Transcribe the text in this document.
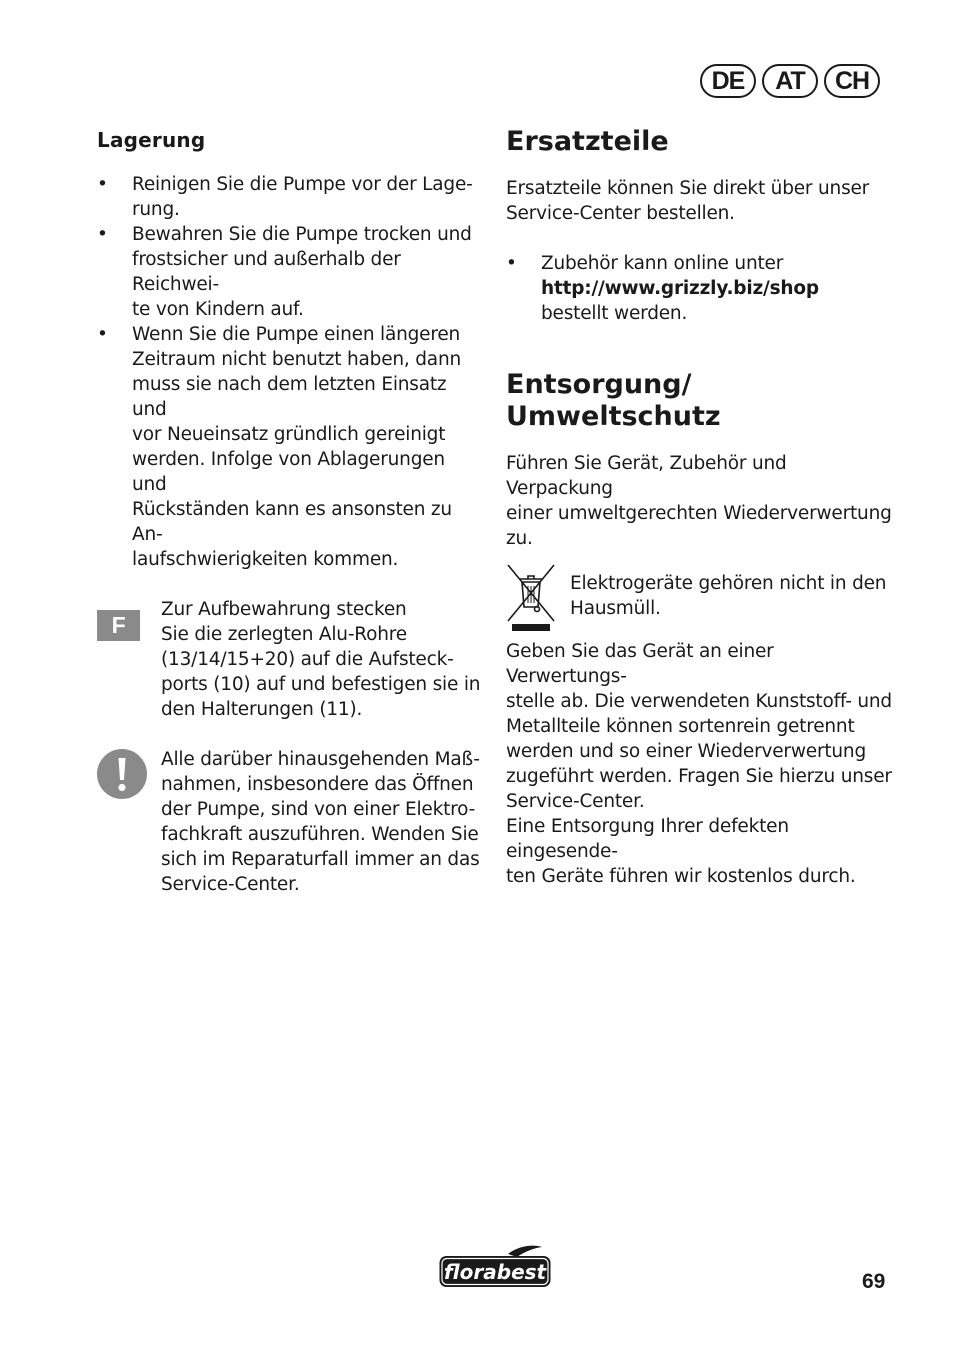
DE	AT	CH
Lagerung
• Reinigen Sie die Pumpe vor der Lage-
rung.
• Bewahren Sie die Pumpe trocken und
frostsicher und außerhalb der Reichwei-
te von Kindern auf.
• Wenn Sie die Pumpe einen längeren
Zeitraum nicht benutzt haben, dann
muss sie nach dem letzten Einsatz und
vor Neueinsatz gründlich gereinigt
werden. Infolge von Ablagerungen und
Rückständen kann es ansonsten zu An-
laufschwierigkeiten kommen.
F
Zur Aufbewahrung stecken
Sie die zerlegten Alu-Rohre
(13/14/15+20) auf die Aufsteck-
ports (10) auf und befestigen sie in
den Halterungen (11).
Alle darüber hinausgehenden Maß-
nahmen, insbesondere das Öffnen
der Pumpe, sind von einer Elektro-
fachkraft auszuführen. Wenden Sie
sich im Reparaturfall immer an das
Service-Center.
Ersatzteile
Ersatzteile können Sie direkt über unser
Service-Center bestellen.
• Zubehör kann online unter
http://www.grizzly.biz/shop
bestellt werden.
Entsorgung/
Umweltschutz
Führen Sie Gerät, Zubehör und Verpackung
einer umweltgerechten Wiederverwertung
zu.
Elektrogeräte gehören nicht in den
Hausmüll.
Geben Sie das Gerät an einer Verwertungs-
stelle ab. Die verwendeten Kunststoff- und
Metallteile können sortenrein getrennt
werden und so einer Wiederverwertung
zugeführt werden. Fragen Sie hierzu unser
Service-Center.
Eine Entsorgung Ihrer defekten eingesende-
ten Geräte führen wir kostenlos durch.
florabest	69
